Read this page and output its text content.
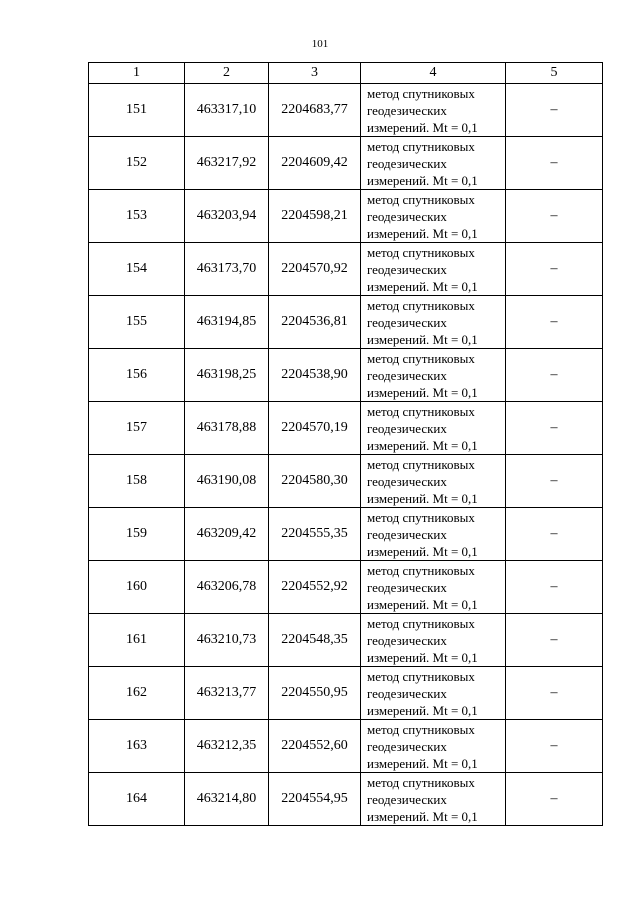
101
1	2	3	4	5
151	463317,10	2204683,77	метод спутниковых
геодезических
измерений. Mt = 0,1	–
152	463217,92	2204609,42	метод спутниковых
геодезических
измерений. Mt = 0,1	–
153	463203,94	2204598,21	метод спутниковых
геодезических
измерений. Mt = 0,1	–
154	463173,70	2204570,92	метод спутниковых
геодезических
измерений. Mt = 0,1	–
155	463194,85	2204536,81	метод спутниковых
геодезических
измерений. Mt = 0,1	–
156	463198,25	2204538,90	метод спутниковых
геодезических
измерений. Mt = 0,1	–
157	463178,88	2204570,19	метод спутниковых
геодезических
измерений. Mt = 0,1	–
158	463190,08	2204580,30	метод спутниковых
геодезических
измерений. Mt = 0,1	–
159	463209,42	2204555,35	метод спутниковых
геодезических
измерений. Mt = 0,1	–
160	463206,78	2204552,92	метод спутниковых
геодезических
измерений. Mt = 0,1	–
161	463210,73	2204548,35	метод спутниковых
геодезических
измерений. Mt = 0,1	–
162	463213,77	2204550,95	метод спутниковых
геодезических
измерений. Mt = 0,1	–
163	463212,35	2204552,60	метод спутниковых
геодезических
измерений. Mt = 0,1	–
164	463214,80	2204554,95	метод спутниковых
геодезических
измерений. Mt = 0,1	–
